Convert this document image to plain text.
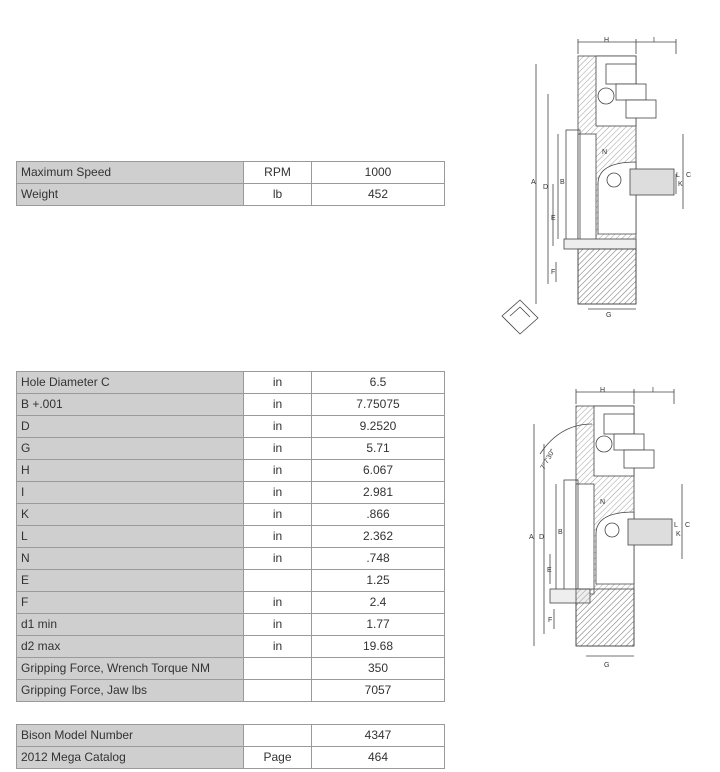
Maximum Speed	RPM	1000
Weight	lb	452
Hole Diameter C	in	6.5
B +.001	in	7.75075
D	in	9.2520
G	in	5.71
H	in	6.067
I	in	2.981
K	in	.866
L	in	2.362
N	in	.748
E		1.25
F	in	2.4
d1 min	in	1.77
d2 max	in	19.68
Gripping Force, Wrench Torque NM		350
Gripping Force, Jaw lbs		7057
Bison Model Number		4347
2012 Mega Catalog	Page	464
H	I
A
D
B
C
E
F
G
K
L
N
H	I
A D
B
C
E
F
G
K
L
N
7°7'30"
